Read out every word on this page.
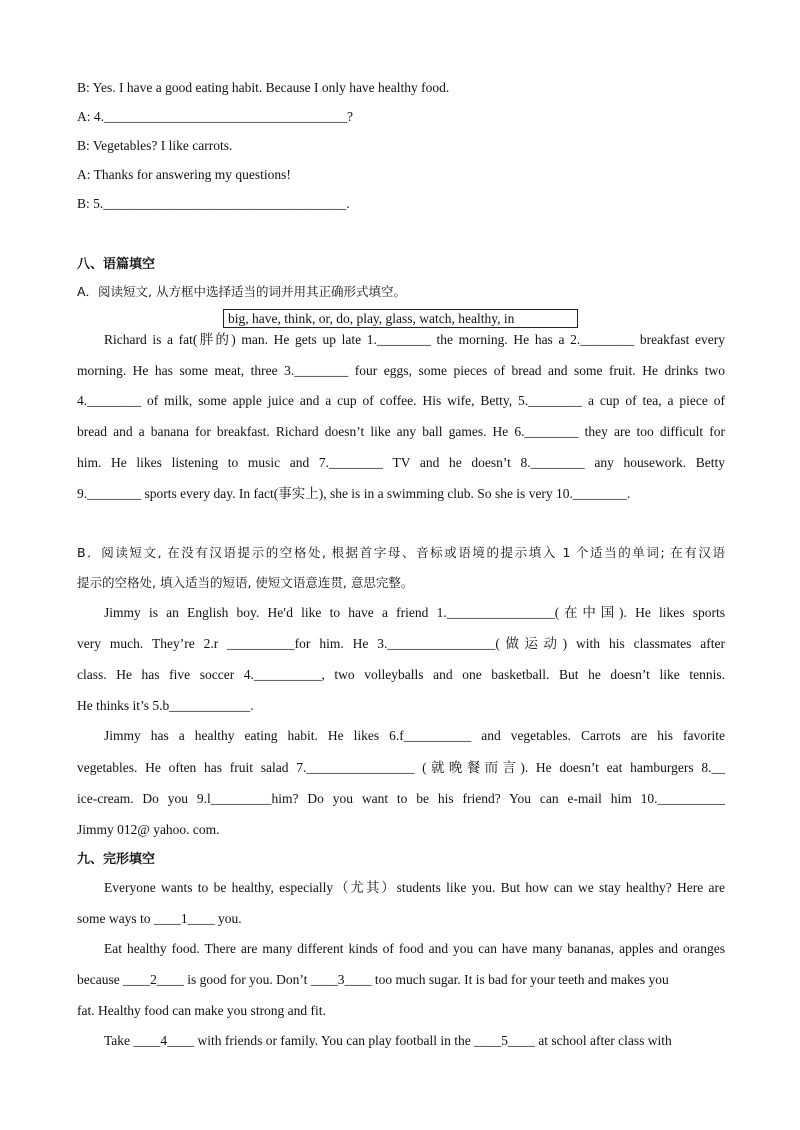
B: Yes. I have a good eating habit. Because I only have healthy food.
A: 4.____________________________________?
B: Vegetables? I like carrots.
A: Thanks for answering my questions!
B: 5.____________________________________.
八、语篇填空
A．阅读短文, 从方框中选择适当的词并用其正确形式填空。
big, have, think, or, do, play, glass, watch, healthy, in
Richard is a fat(胖的) man. He gets up late 1.________ the morning. He has a 2.________ breakfast every
morning. He has some meat, three 3.________ four eggs, some pieces of bread and some fruit. He drinks two
4.________ of milk, some apple juice and a cup of coffee. His wife, Betty, 5.________ a cup of tea, a piece of
bread and a banana for breakfast. Richard doesn’t like any ball games. He 6.________ they are too difficult for
him. He likes listening to music and 7.________ TV and he doesn’t 8.________ any housework. Betty
9.________ sports every day. In fact(事实上), she is in a swimming club. So she is very 10.________.
B．阅读短文, 在没有汉语提示的空格处, 根据首字母、音标或语境的提示填入 1 个适当的单词; 在有汉语
提示的空格处, 填入适当的短语, 使短文语意连贯, 意思完整。
Jimmy is an English boy. He′d like to have a friend 1.________________(在中国). He likes sports
very much. They’re 2.r __________for him. He 3.________________(做运动) with his classmates after
class. He has five soccer 4.__________, two volleyballs and one basketball. But he doesn’t like tennis.
He thinks it’s 5.b____________.
Jimmy has a healthy eating habit. He likes 6.f__________ and vegetables. Carrots are his favorite
vegetables. He often has fruit salad 7.________________ (就晚餐而言). He doesn’t eat hamburgers 8.__
ice-cream. Do you 9.l_________him? Do you want to be his friend? You can e-mail him 10.__________
Jimmy 012@ yahoo. com.
九、完形填空
Everyone wants to be healthy, especially（尤其）students like you. But how can we stay healthy? Here are
some ways to ____1____ you.
Eat healthy food. There are many different kinds of food and you can have many bananas, apples and oranges
because ____2____ is good for you. Don’t ____3____ too much sugar. It is bad for your teeth and makes you
fat. Healthy food can make you strong and fit.
Take ____4____ with friends or family. You can play football in the ____5____ at school after class with
